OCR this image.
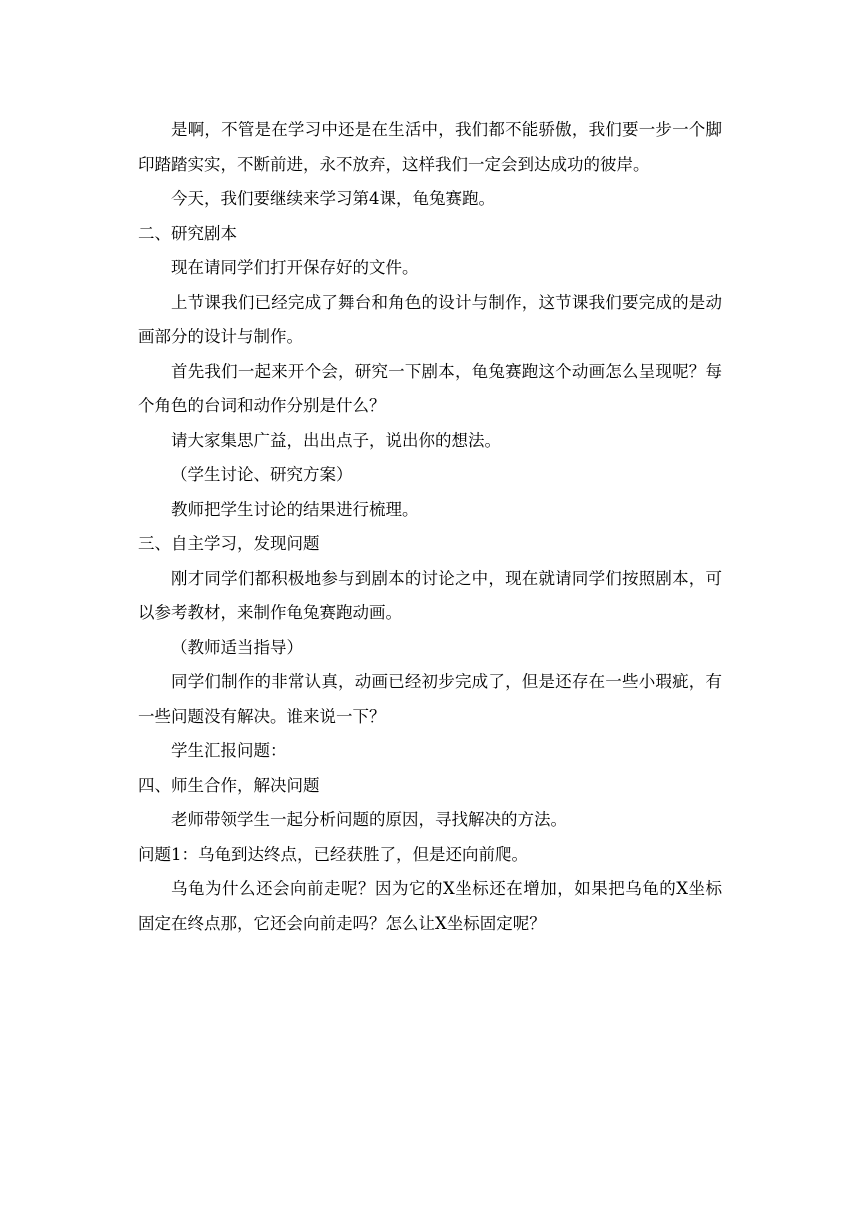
是啊，不管是在学习中还是在生活中，我们都不能骄傲，我们要一步一个脚印踏踏实实，不断前进，永不放弃，这样我们一定会到达成功的彼岸。

今天，我们要继续来学习第4课，龟兔赛跑。

二、研究剧本

现在请同学们打开保存好的文件。

上节课我们已经完成了舞台和角色的设计与制作，这节课我们要完成的是动画部分的设计与制作。

首先我们一起来开个会，研究一下剧本，龟兔赛跑这个动画怎么呈现呢？每个角色的台词和动作分别是什么？

请大家集思广益，出出点子，说出你的想法。

（学生讨论、研究方案）

教师把学生讨论的结果进行梳理。

三、自主学习，发现问题

刚才同学们都积极地参与到剧本的讨论之中，现在就请同学们按照剧本，可以参考教材，来制作龟兔赛跑动画。

（教师适当指导）

同学们制作的非常认真，动画已经初步完成了，但是还存在一些小瑕疵，有一些问题没有解决。谁来说一下？

学生汇报问题：

四、师生合作，解决问题

老师带领学生一起分析问题的原因，寻找解决的方法。

问题1：乌龟到达终点，已经获胜了，但是还向前爬。

乌龟为什么还会向前走呢？因为它的X坐标还在增加，如果把乌龟的X坐标固定在终点那，它还会向前走吗？怎么让X坐标固定呢？
